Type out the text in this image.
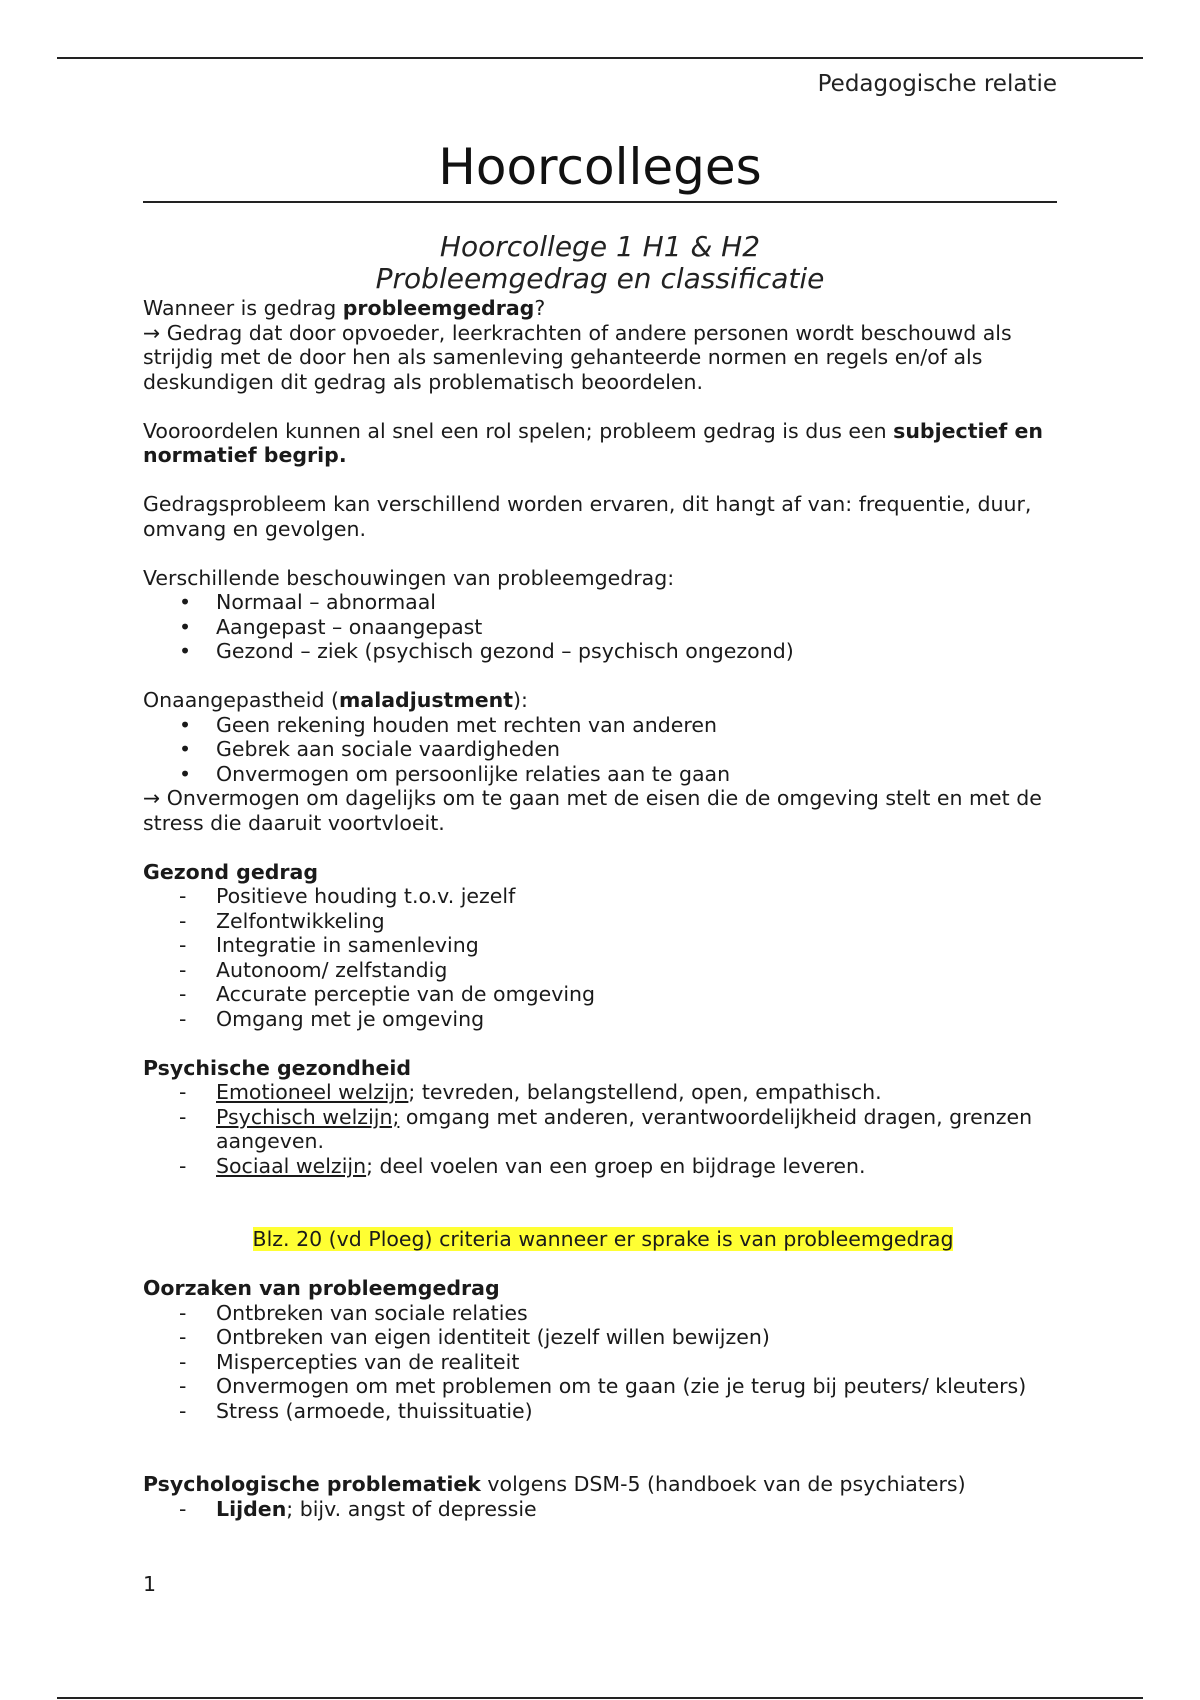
Pedagogische relatie
Hoorcolleges
Hoorcollege 1 H1 & H2
Probleemgedrag en classificatie

Wanneer is gedrag probleemgedrag?

→ Gedrag dat door opvoeder, leerkrachten of andere personen wordt beschouwd als strijdig met de door hen als samenleving gehanteerde normen en regels en/of als deskundigen dit gedrag als problematisch beoordelen.

Vooroordelen kunnen al snel een rol spelen; probleem gedrag is dus een subjectief en normatief begrip.

Gedragsprobleem kan verschillend worden ervaren, dit hangt af van: frequentie, duur, omvang en gevolgen.

Verschillende beschouwingen van probleemgedrag:

• Normaal – abnormaal
• Aangepast – onaangepast
• Gezond – ziek (psychisch gezond – psychisch ongezond)

Onaangepastheid (maladjustment):

• Geen rekening houden met rechten van anderen
• Gebrek aan sociale vaardigheden
• Onvermogen om persoonlijke relaties aan te gaan

→ Onvermogen om dagelijks om te gaan met de eisen die de omgeving stelt en met de stress die daaruit voortvloeit.

Gezond gedrag

- Positieve houding t.o.v. jezelf
- Zelfontwikkeling
- Integratie in samenleving
- Autonoom/ zelfstandig
- Accurate perceptie van de omgeving
- Omgang met je omgeving

Psychische gezondheid

- Emotioneel welzijn; tevreden, belangstellend, open, empathisch.
- Psychisch welzijn; omgang met anderen, verantwoordelijkheid dragen, grenzen aangeven.
- Sociaal welzijn; deel voelen van een groep en bijdrage leveren.

Blz. 20 (vd Ploeg) criteria wanneer er sprake is van probleemgedrag

Oorzaken van probleemgedrag

- Ontbreken van sociale relaties
- Ontbreken van eigen identiteit (jezelf willen bewijzen)
- Mispercepties van de realiteit
- Onvermogen om met problemen om te gaan (zie je terug bij peuters/ kleuters)
- Stress (armoede, thuissituatie)

Psychologische problematiek volgens DSM-5 (handboek van de psychiaters)

- Lijden; bijv. angst of depressie
1
